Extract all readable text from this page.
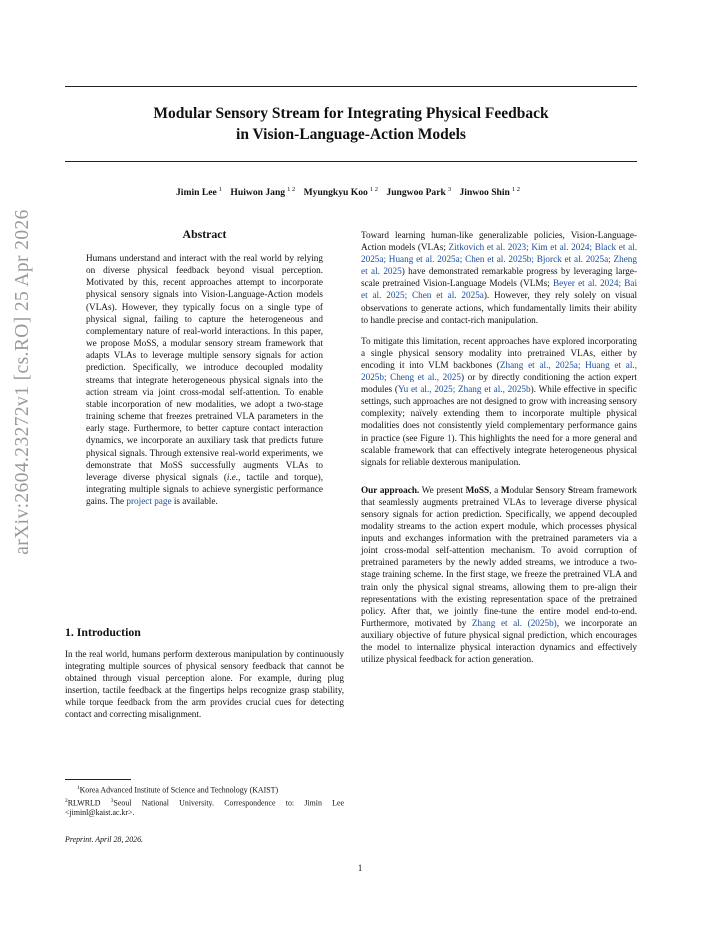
Modular Sensory Stream for Integrating Physical Feedback
in Vision-Language-Action Models
Jimin Lee $^1$ Huiwon Jang $^{1 2}$ Myungkyu Koo $^{1 2}$ Jungwoo Park $^3$ Jinwoo Shin $^{1 2}$
arXiv:2604.23272v1 [cs.RO] 25 Apr 2026	Abstract

Humans understand and interact with the real world by relying on diverse physical feedback beyond visual perception. Motivated by this, recent approaches attempt to incorporate physical sensory signals into Vision-Language-Action models (VLAs). However, they typically focus on a single type of physical signal, failing to capture the heterogeneous and complementary nature of real-world interactions. In this paper, we propose MoSS, a modular sensory stream framework that adapts VLAs to leverage multiple sensory signals for action prediction. Specifically, we introduce decoupled modality streams that integrate heterogeneous physical signals into the action stream via joint cross-modal self-attention. To enable stable incorporation of new modalities, we adopt a two-stage training scheme that freezes pretrained VLA parameters in the early stage. Furthermore, to better capture contact interaction dynamics, we incorporate an auxiliary task that predicts future physical signals. Through extensive real-world experiments, we demonstrate that MoSS successfully augments VLAs to leverage diverse physical signals (i.e., tactile and torque), integrating multiple signals to achieve synergistic performance gains. The project page is available.

1. Introduction

In the real world, humans perform dexterous manipulation by continuously integrating multiple sources of physical sensory feedback that cannot be obtained through visual perception alone. For example, during plug insertion, tactile feedback at the fingertips helps recognize grasp stability, while torque feedback from the arm provides crucial cues for detecting contact and correcting misalignment.

$^1$Korea Advanced Institute of Science and Technology (KAIST)
$^2$RLWRLD $^3$Seoul National University. Correspondence to: Jimin Lee <jiminl@kaist.ac.kr>.

Preprint. April 28, 2026.

Toward learning human-like generalizable policies, Vision-Language-Action models (VLAs; Zitkovich et al. 2023; Kim et al. 2024; Black et al. 2025a; Huang et al. 2025a; Chen et al. 2025b; Bjorck et al. 2025a; Zheng et al. 2025) have demonstrated remarkable progress by leveraging large-scale pretrained Vision-Language Models (VLMs; Beyer et al. 2024; Bai et al. 2025; Chen et al. 2025a). However, they rely solely on visual observations to generate actions, which fundamentally limits their ability to handle precise and contact-rich manipulation.

To mitigate this limitation, recent approaches have explored incorporating a single physical sensory modality into pretrained VLAs, either by encoding it into VLM backbones (Zhang et al., 2025a; Huang et al., 2025b; Cheng et al., 2025) or by directly conditioning the action expert modules (Yu et al., 2025; Zhang et al., 2025b). While effective in specific settings, such approaches are not designed to grow with increasing sensory complexity; naïvely extending them to incorporate multiple physical modalities does not consistently yield complementary performance gains in practice (see Figure 1). This highlights the need for a more general and scalable framework that can effectively integrate heterogeneous physical signals for reliable dexterous manipulation.

Our approach. We present MoSS, a Modular Sensory Stream framework that seamlessly augments pretrained VLAs to leverage diverse physical sensory signals for action prediction. Specifically, we append decoupled modality streams to the action expert module, which processes physical inputs and exchanges information with the pretrained parameters via a joint cross-modal self-attention mechanism. To avoid corruption of pretrained parameters by the newly added streams, we introduce a two-stage training scheme. In the first stage, we freeze the pretrained VLA and train only the physical signal streams, allowing them to pre-align their representations with the existing representation space of the pretrained policy. After that, we jointly fine-tune the entire model end-to-end. Furthermore, motivated by Zhang et al. (2025b), we incorporate an auxiliary objective of future physical signal prediction, which encourages the model to internalize physical interaction dynamics and effectively utilize physical feedback for action generation.

1
